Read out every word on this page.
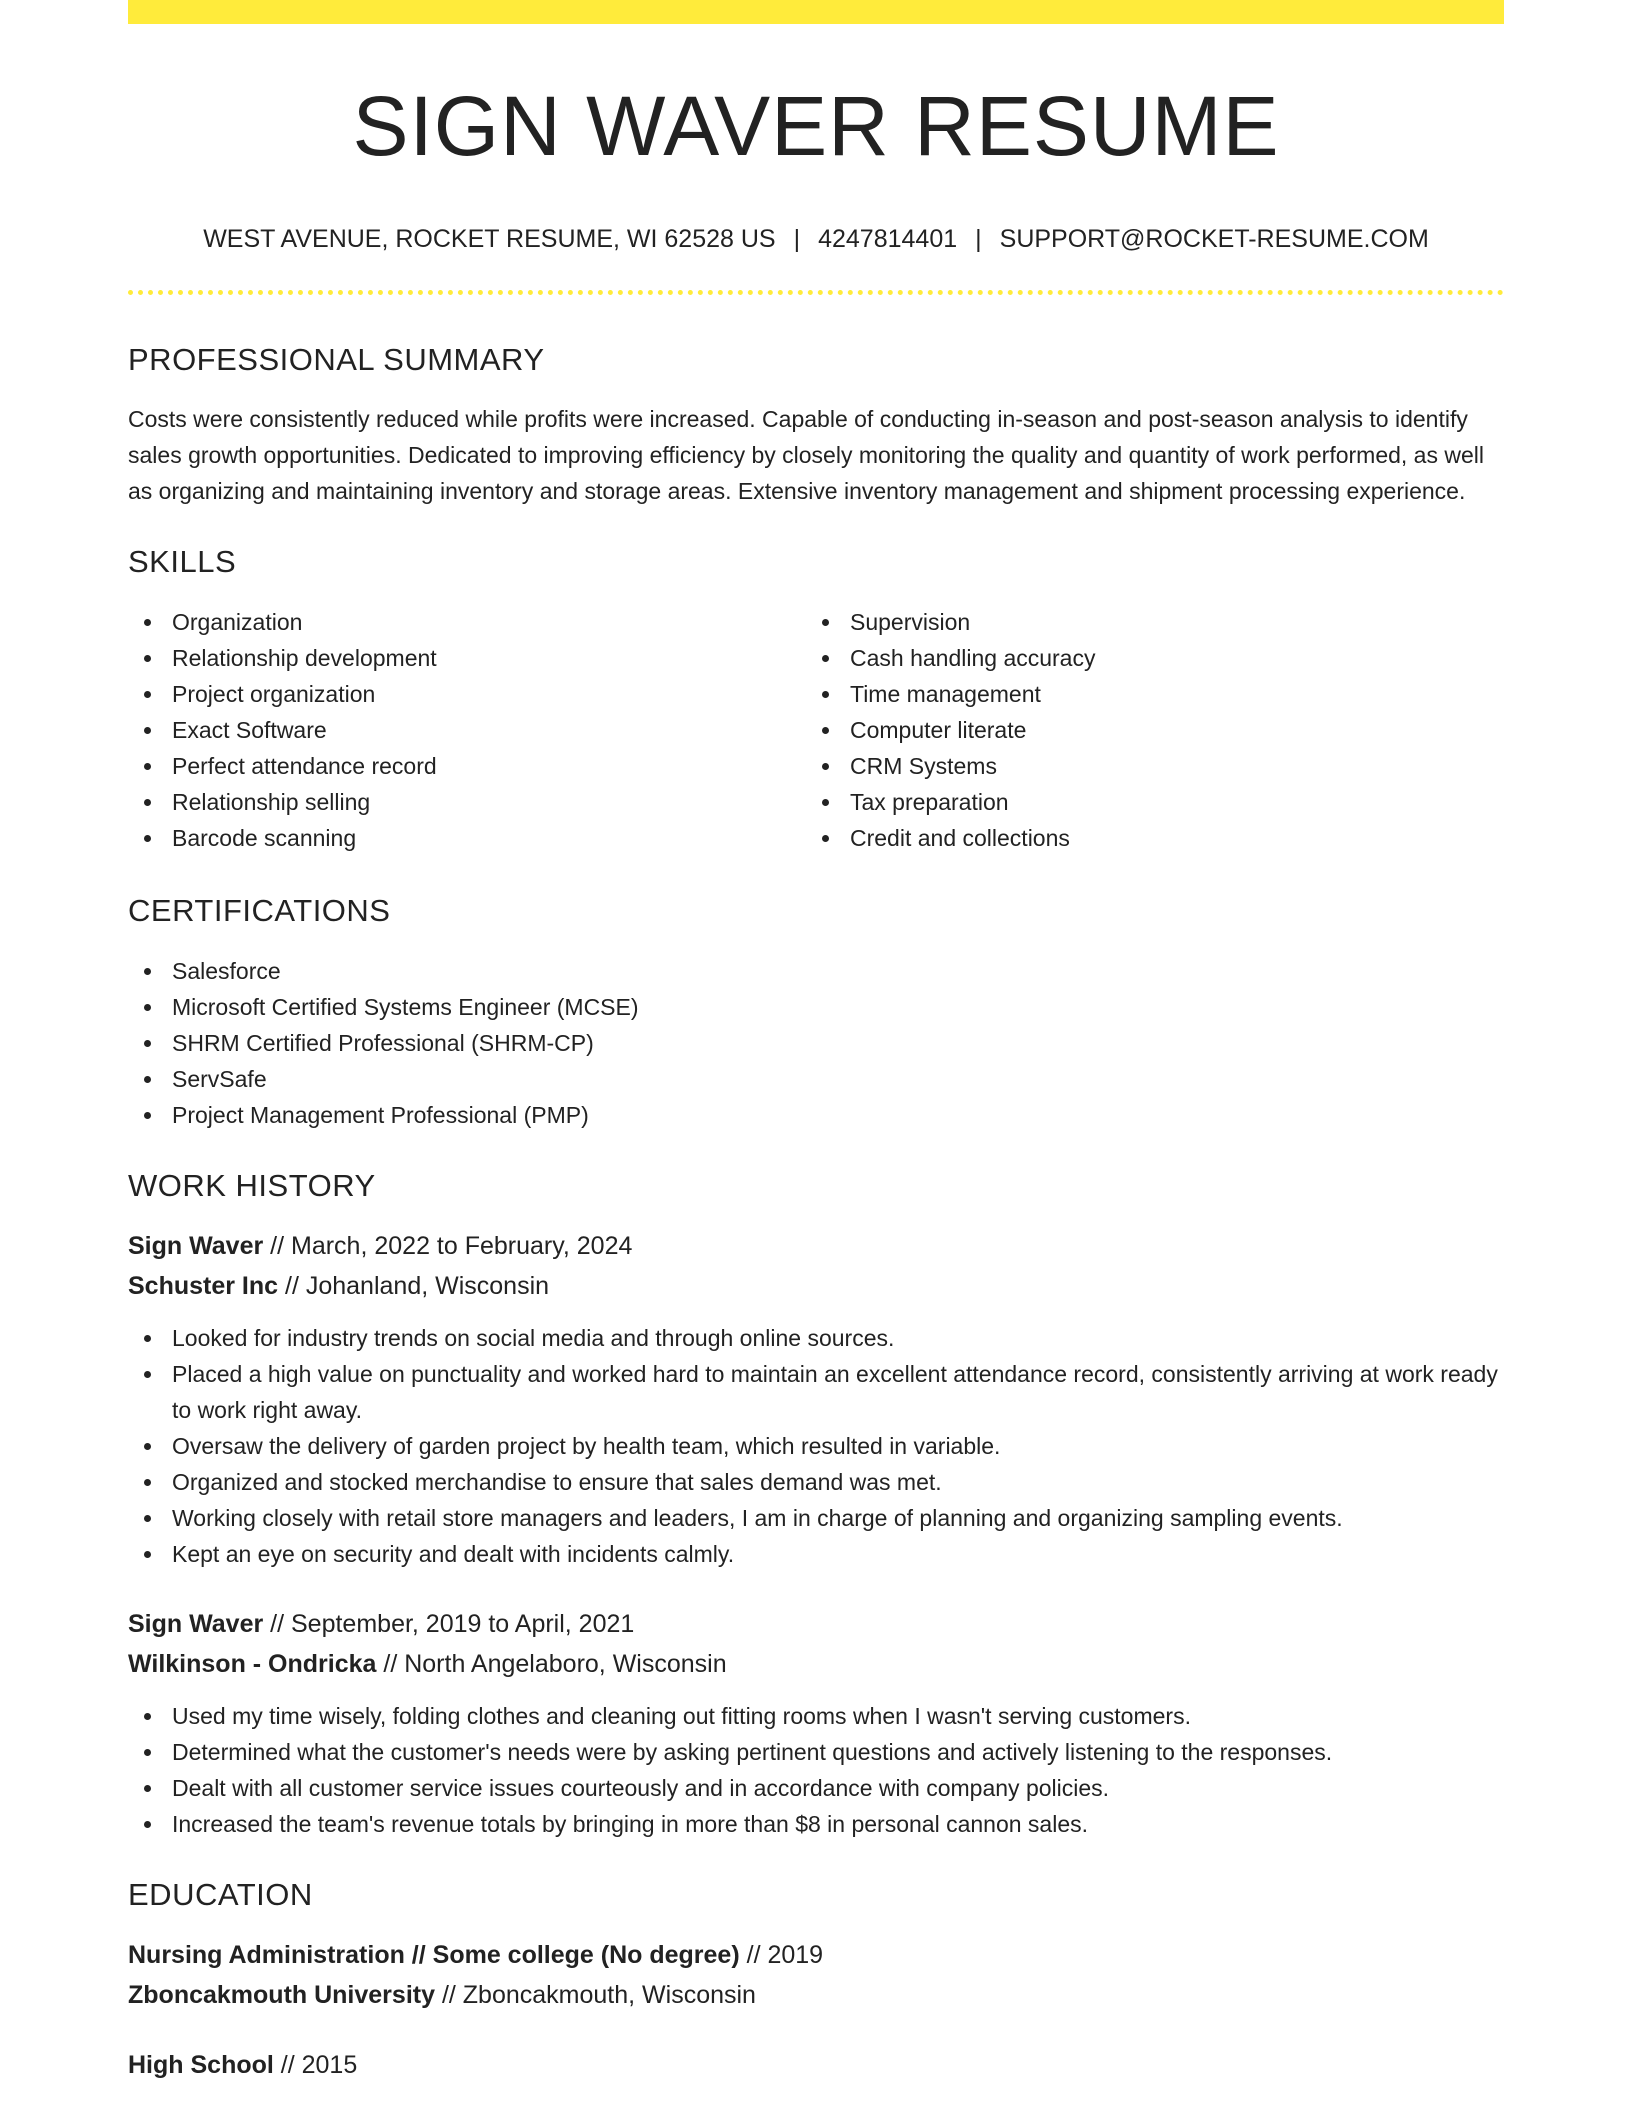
SIGN WAVER RESUME
WEST AVENUE, ROCKET RESUME, WI 62528 US | 4247814401 | SUPPORT@ROCKET-RESUME.COM
PROFESSIONAL SUMMARY
Costs were consistently reduced while profits were increased. Capable of conducting in-season and post-season analysis to identify sales growth opportunities. Dedicated to improving efficiency by closely monitoring the quality and quantity of work performed, as well as organizing and maintaining inventory and storage areas. Extensive inventory management and shipment processing experience.
SKILLS
Organization
Relationship development
Project organization
Exact Software
Perfect attendance record
Relationship selling
Barcode scanning
Supervision
Cash handling accuracy
Time management
Computer literate
CRM Systems
Tax preparation
Credit and collections
CERTIFICATIONS
Salesforce
Microsoft Certified Systems Engineer (MCSE)
SHRM Certified Professional (SHRM-CP)
ServSafe
Project Management Professional (PMP)
WORK HISTORY
Sign Waver // March, 2022 to February, 2024
Schuster Inc // Johanland, Wisconsin
Looked for industry trends on social media and through online sources.
Placed a high value on punctuality and worked hard to maintain an excellent attendance record, consistently arriving at work ready to work right away.
Oversaw the delivery of garden project by health team, which resulted in variable.
Organized and stocked merchandise to ensure that sales demand was met.
Working closely with retail store managers and leaders, I am in charge of planning and organizing sampling events.
Kept an eye on security and dealt with incidents calmly.
Sign Waver // September, 2019 to April, 2021
Wilkinson - Ondricka // North Angelaboro, Wisconsin
Used my time wisely, folding clothes and cleaning out fitting rooms when I wasn't serving customers.
Determined what the customer's needs were by asking pertinent questions and actively listening to the responses.
Dealt with all customer service issues courteously and in accordance with company policies.
Increased the team's revenue totals by bringing in more than $8 in personal cannon sales.
EDUCATION
Nursing Administration // Some college (No degree) // 2019
Zboncakmouth University // Zboncakmouth, Wisconsin
High School // 2015
